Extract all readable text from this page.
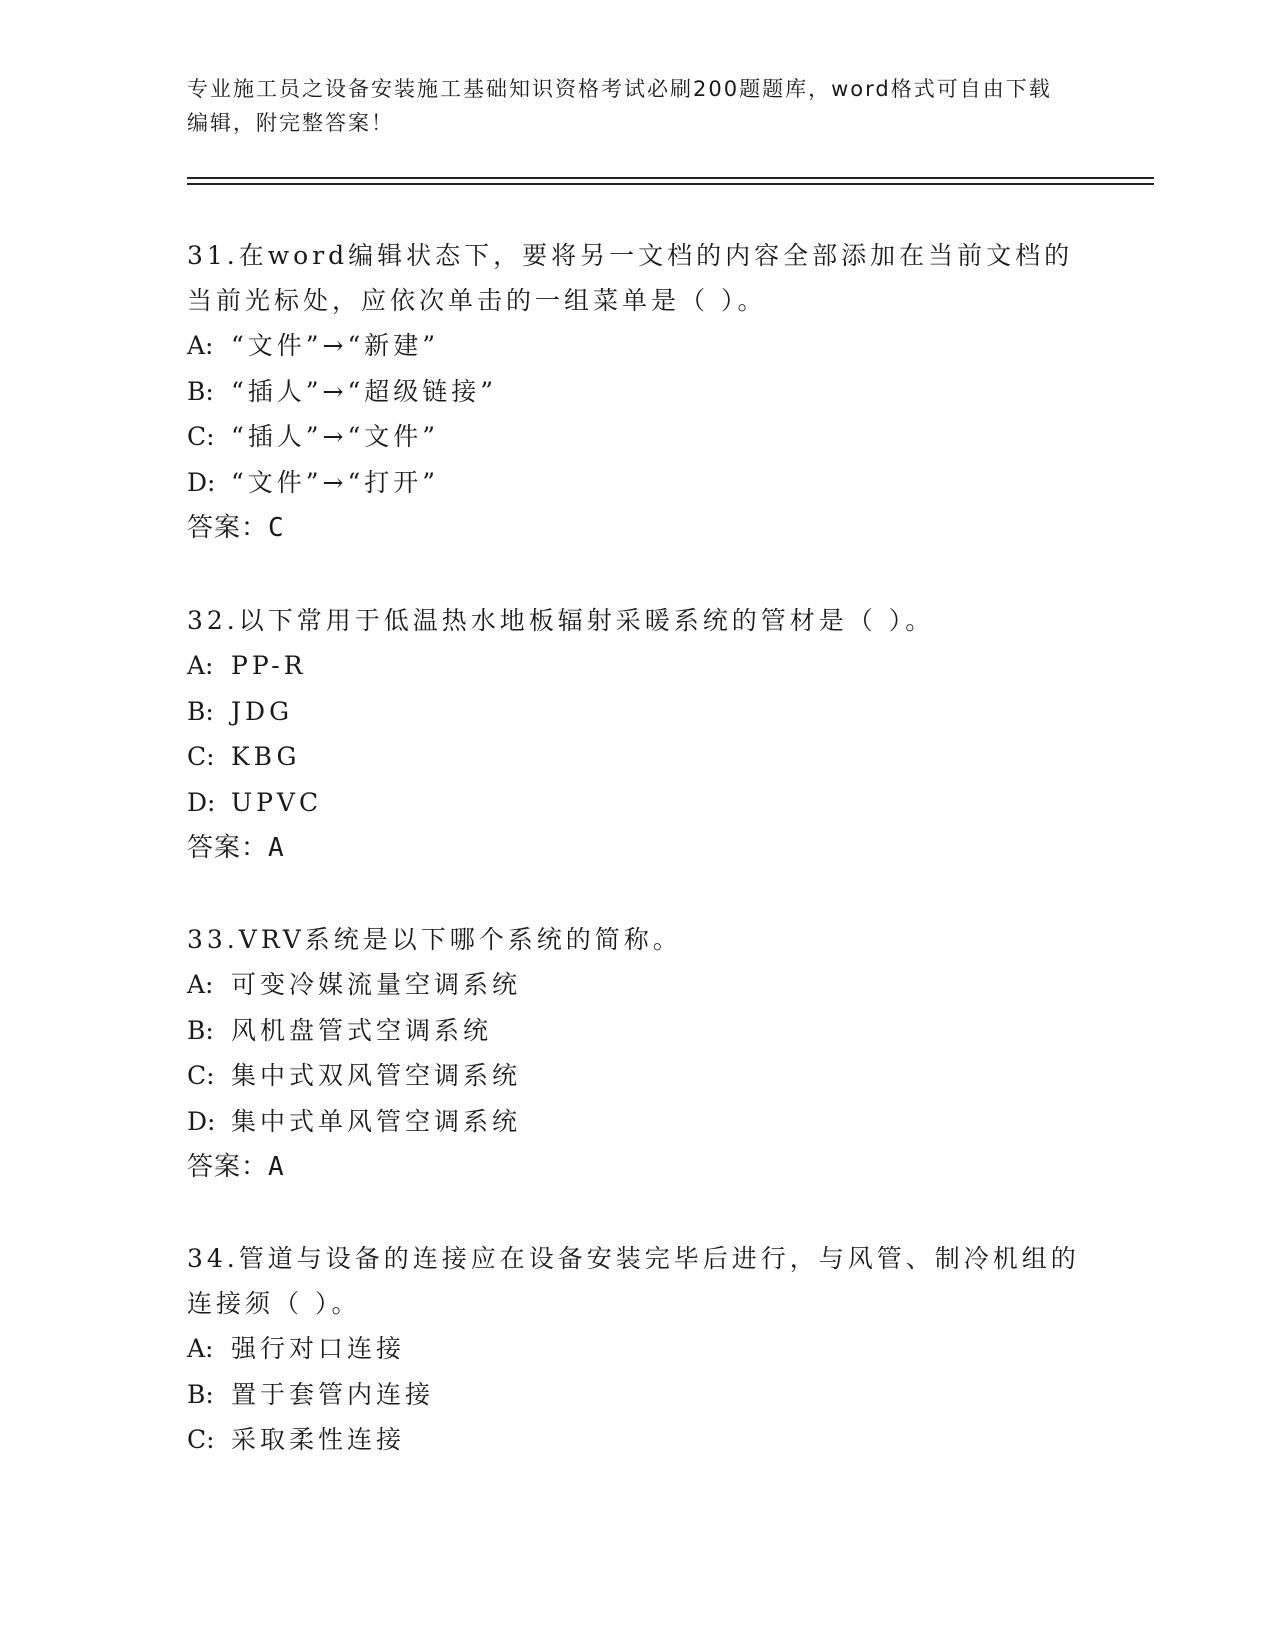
专业施工员之设备安装施工基础知识资格考试必刷200题题库，word格式可自由下载编辑，附完整答案！

31.在word编辑状态下，要将另一文档的内容全部添加在当前文档的当前光标处，应依次单击的一组菜单是（ ）。

A: “文件”→“新建”
B: “插人”→“超级链接”
C: “插人”→“文件”
D: “文件”→“打开”
答案：C

32.以下常用于低温热水地板辐射采暖系统的管材是（ ）。

A: PP-R
B: JDG
C: KBG
D: UPVC
答案：A

33.VRV系统是以下哪个系统的简称。

A: 可变冷媒流量空调系统
B: 风机盘管式空调系统
C: 集中式双风管空调系统
D: 集中式单风管空调系统
答案：A

34.管道与设备的连接应在设备安装完毕后进行，与风管、制冷机组的连接须（ ）。

A: 强行对口连接
B: 置于套管内连接
C: 采取柔性连接
